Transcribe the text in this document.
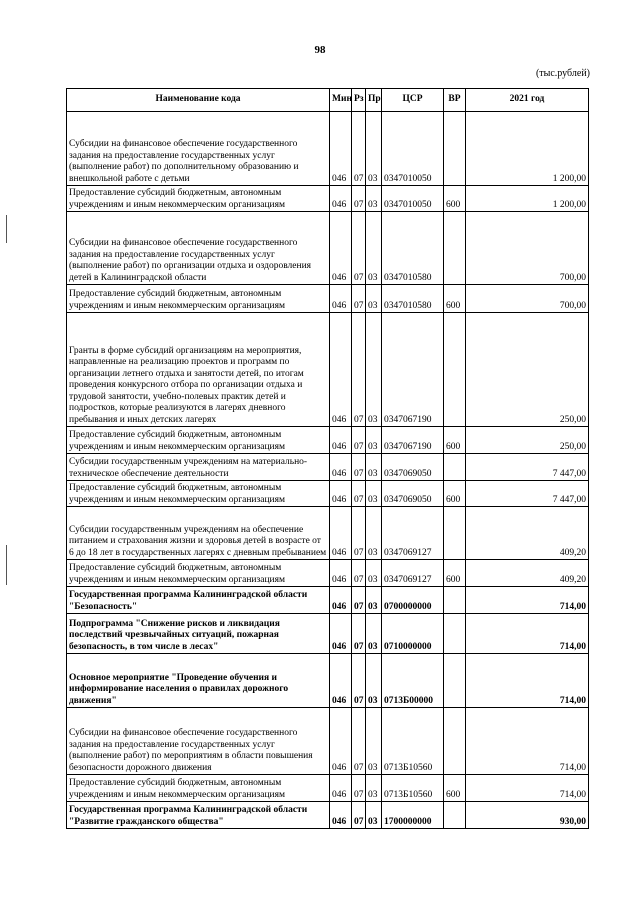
98
(тыс.рублей)
Наименование кода	Мин	Рз	Пр	ЦСР	ВР	2021 год
Субсидии на финансовое обеспечение государственного задания на предоставление государственных услуг (выполнение работ) по дополнительному образованию и внешкольной работе с детьми	046	07	03	0347010050		1 200,00
Предоставление субсидий бюджетным, автономным учреждениям и иным некоммерческим организациям	046	07	03	0347010050	600	1 200,00
Субсидии на финансовое обеспечение государственного задания на предоставление государственных услуг (выполнение работ) по организации отдыха и оздоровления детей в Калининградской области	046	07	03	0347010580		700,00
Предоставление субсидий бюджетным, автономным учреждениям и иным некоммерческим организациям	046	07	03	0347010580	600	700,00
Гранты в форме субсидий организациям на мероприятия, направленные на реализацию проектов и программ по организации летнего отдыха и занятости детей, по итогам проведения конкурсного отбора по организации отдыха и трудовой занятости, учебно-полевых практик детей и подростков, которые реализуются в лагерях дневного пребывания и иных детских лагерях	046	07	03	0347067190		250,00
Предоставление субсидий бюджетным, автономным учреждениям и иным некоммерческим организациям	046	07	03	0347067190	600	250,00
Субсидии государственным учреждениям на материально-техническое обеспечение деятельности	046	07	03	0347069050		7 447,00
Предоставление субсидий бюджетным, автономным учреждениям и иным некоммерческим организациям	046	07	03	0347069050	600	7 447,00
Субсидии государственным учреждениям на обеспечение питанием и страхования жизни и здоровья детей в возрасте от 6 до 18 лет в государственных лагерях с дневным пребыванием	046	07	03	0347069127		409,20
Предоставление субсидий бюджетным, автономным учреждениям и иным некоммерческим организациям	046	07	03	0347069127	600	409,20
Государственная программа Калининградской области "Безопасность"	046	07	03	0700000000		714,00
Подпрограмма "Снижение рисков и ликвидация последствий чрезвычайных ситуаций, пожарная безопасность, в том числе в лесах"	046	07	03	0710000000		714,00
Основное мероприятие "Проведение обучения и информирование населения о правилах дорожного движения"	046	07	03	0713Б00000		714,00
Субсидии на финансовое обеспечение государственного задания на предоставление государственных услуг (выполнение работ) по мероприятиям в области повышения безопасности дорожного движения	046	07	03	0713Б10560		714,00
Предоставление субсидий бюджетным, автономным учреждениям и иным некоммерческим организациям	046	07	03	0713Б10560	600	714,00
Государственная программа Калининградской области "Развитие гражданского общества"	046	07	03	1700000000		930,00
